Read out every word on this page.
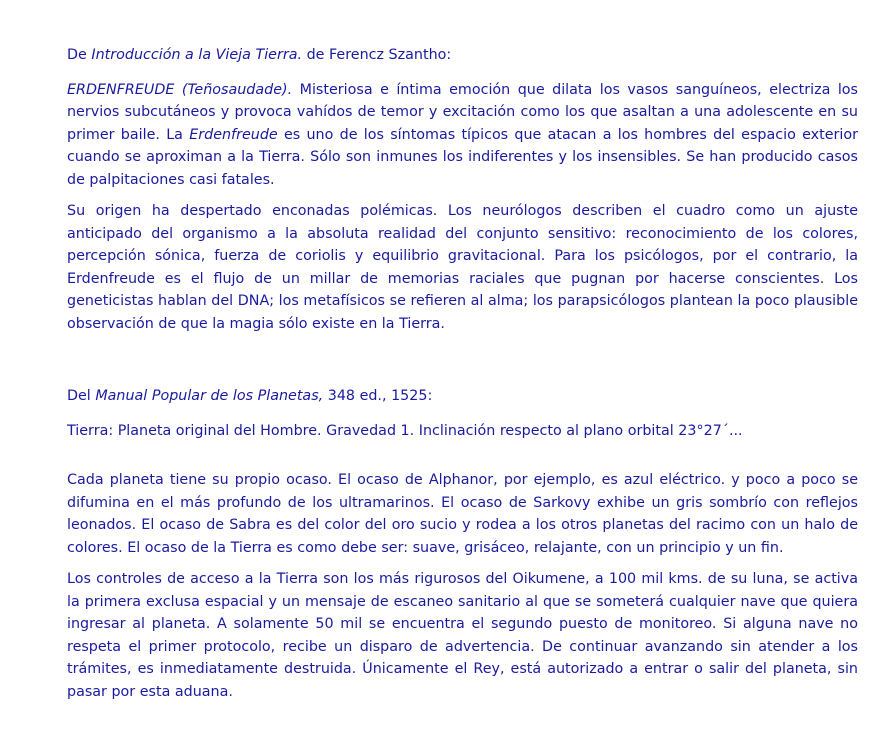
De Introducción a la Vieja Tierra. de Ferencz Szantho:

ERDENFREUDE (Teñosaudade). Misteriosa e íntima emoción que dilata los vasos sanguíneos, electriza los nervios subcutáneos y provoca vahídos de temor y excitación como los que asaltan a una adolescente en su primer baile. La Erdenfreude es uno de los síntomas típicos que atacan a los hombres del espacio exterior cuando se aproximan a la Tierra. Sólo son inmunes los indiferentes y los insensibles. Se han producido casos de palpitaciones casi fatales.

Su origen ha despertado enconadas polémicas. Los neurólogos describen el cuadro como un ajuste anticipado del organismo a la absoluta realidad del conjunto sensitivo: reconocimiento de los colores, percepción sónica, fuerza de coriolis y equilibrio gravitacional. Para los psicólogos, por el contrario, la Erdenfreude es el flujo de un millar de memorias raciales que pugnan por hacerse conscientes. Los geneticistas hablan del DNA; los metafísicos se refieren al alma; los parapsicólogos plantean la poco plausible observación de que la magia sólo existe en la Tierra.

Del Manual Popular de los Planetas, 348 ed., 1525:

Tierra: Planeta original del Hombre. Gravedad 1. Inclinación respecto al plano orbital 23°27´...

Cada planeta tiene su propio ocaso. El ocaso de Alphanor, por ejemplo, es azul eléctrico. y poco a poco se difumina en el más profundo de los ultramarinos. El ocaso de Sarkovy exhibe un gris sombrío con reflejos leonados. El ocaso de Sabra es del color del oro sucio y rodea a los otros planetas del racimo con un halo de colores. El ocaso de la Tierra es como debe ser: suave, grisáceo, relajante, con un principio y un fin.

Los controles de acceso a la Tierra son los más rigurosos del Oikumene, a 100 mil kms. de su luna, se activa la primera exclusa espacial y un mensaje de escaneo sanitario al que se someterá cualquier nave que quiera ingresar al planeta. A solamente 50 mil se encuentra el segundo puesto de monitoreo. Si alguna nave no respeta el primer protocolo, recibe un disparo de advertencia. De continuar avanzando sin atender a los trámites, es inmediatamente destruida. Únicamente el Rey, está autorizado a entrar o salir del planeta, sin pasar por esta aduana.
